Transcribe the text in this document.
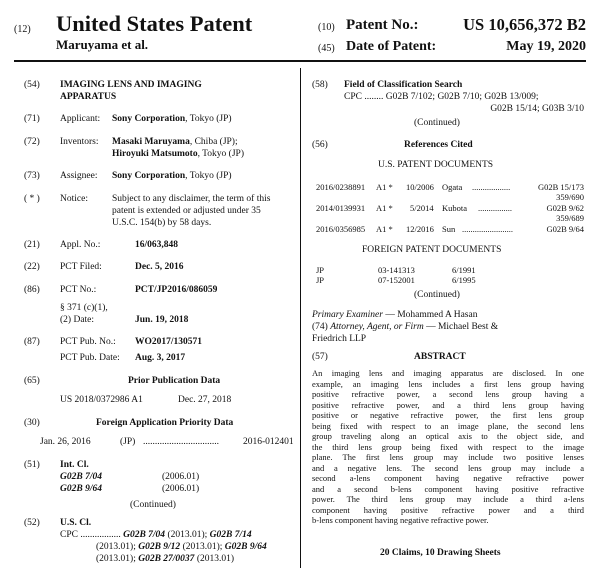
(12) United States Patent
Maruyama et al.
(10) Patent No.:	US 10,656,372 B2
(45) Date of Patent:	May 19, 2020
(54) IMAGING LENS AND IMAGING
APPARATUS
(71) Applicant: Sony Corporation, Tokyo (JP)
(72) Inventors: Masaki Maruyama, Chiba (JP);
Hiroyuki Matsumoto, Tokyo (JP)
(73) Assignee: Sony Corporation, Tokyo (JP)
( * ) Notice:	Subject to any disclaimer, the term of this
patent is extended or adjusted under 35
U.S.C. 154(b) by 58 days.
(21) Appl. No.:	16/063,848
(22) PCT Filed:	Dec. 5, 2016
(86) PCT No.:	PCT/JP2016/086059
§ 371 (c)(1),
(2) Date:	Jun. 19, 2018
(87) PCT Pub. No.: WO2017/130571
PCT Pub. Date: Aug. 3, 2017
(65)	Prior Publication Data
US 2018/0372986 A1	Dec. 27, 2018
(30)	Foreign Application Priority Data
Jan. 26, 2016	(JP) ................................	2016-012401
(51) Int. Cl.
G02B 7/04	(2006.01)
G02B 9/64	(2006.01)
(Continued)
(52) U.S. Cl.
CPC ................. G02B 7/04 (2013.01); G02B 7/14
(2013.01); G02B 9/12 (2013.01); G02B 9/64
(2013.01); G02B 27/0037 (2013.01)
(58) Field of Classification Search
CPC ........ G02B 7/102; G02B 7/10; G02B 13/009;
G02B 15/14; G03B 3/10
(Continued)
(56)	References Cited
U.S. PATENT DOCUMENTS
2016/0238891 A1 * 10/2006 Ogata ..................	G02B 15/173
359/690
2014/0139931 A1 * 5/2014 Kubota ................	G02B 9/62
359/689
2016/0356985 A1 * 12/2016 Sun ........................	G02B 9/64
FOREIGN PATENT DOCUMENTS
JP	03-141313	6/1991
JP	07-152001	6/1995
(Continued)
Primary Examiner — Mohammed A Hasan
(74) Attorney, Agent, or Firm — Michael Best &
Friedrich LLP
(57)	ABSTRACT
An imaging lens and imaging apparatus are disclosed. In one
example, an imaging lens includes a first lens group having
positive refractive power, a second lens group having a
positive refractive power, and a third lens group having
positive or negative refractive power, the first lens group
being fixed with respect to an image plane, the second lens
group traveling along an optical axis to the object side, and
the third lens group being fixed with respect to the image
plane. The first lens group may include two positive lenses
and a negative lens. The second lens group may include a
second a-lens component having negative refractive power
and a second b-lens component having positive refractive
power. The third lens group may include a third a-lens
component having positive refractive power and a third
b-lens component having negative refractive power.
20 Claims, 10 Drawing Sheets
